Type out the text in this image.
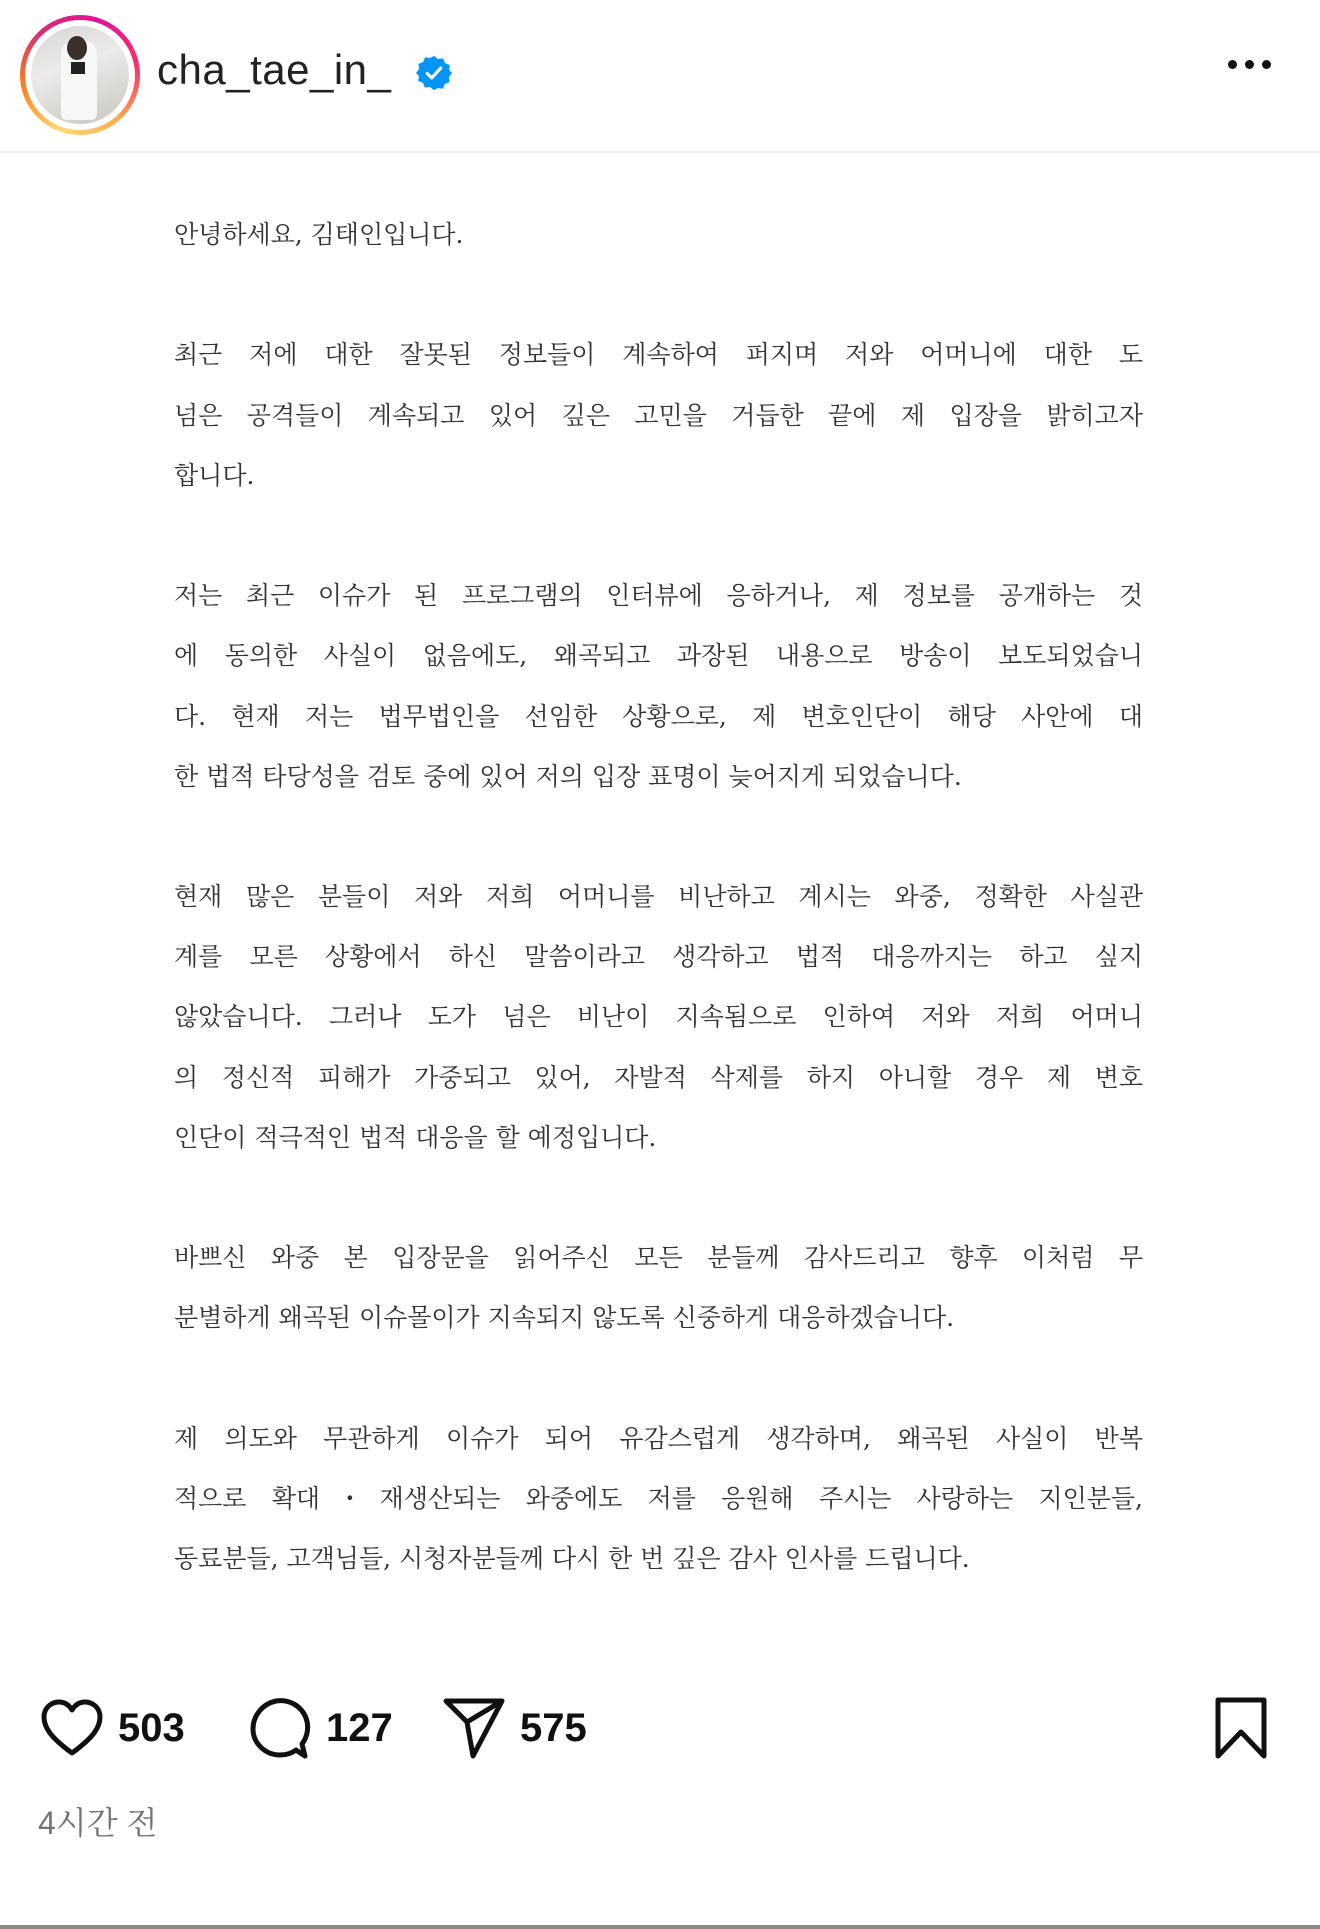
cha_tae_in_
안녕하세요, 김태인입니다.
최근 저에 대한 잘못된 정보들이 계속하여 퍼지며 저와 어머니에 대한 도
넘은 공격들이 계속되고 있어 깊은 고민을 거듭한 끝에 제 입장을 밝히고자
합니다.
저는 최근 이슈가 된 프로그램의 인터뷰에 응하거나, 제 정보를 공개하는 것
에 동의한 사실이 없음에도, 왜곡되고 과장된 내용으로 방송이 보도되었습니
다. 현재 저는 법무법인을 선임한 상황으로, 제 변호인단이 해당 사안에 대
한 법적 타당성을 검토 중에 있어 저의 입장 표명이 늦어지게 되었습니다.
현재 많은 분들이 저와 저희 어머니를 비난하고 계시는 와중, 정확한 사실관
계를 모른 상황에서 하신 말씀이라고 생각하고 법적 대응까지는 하고 싶지
않았습니다. 그러나 도가 넘은 비난이 지속됨으로 인하여 저와 저희 어머니
의 정신적 피해가 가중되고 있어, 자발적 삭제를 하지 아니할 경우 제 변호
인단이 적극적인 법적 대응을 할 예정입니다.
바쁘신 와중 본 입장문을 읽어주신 모든 분들께 감사드리고 향후 이처럼 무
분별하게 왜곡된 이슈몰이가 지속되지 않도록 신중하게 대응하겠습니다.
제 의도와 무관하게 이슈가 되어 유감스럽게 생각하며, 왜곡된 사실이 반복
적으로 확대・재생산되는 와중에도 저를 응원해 주시는 사랑하는 지인분들,
동료분들, 고객님들, 시청자분들께 다시 한 번 깊은 감사 인사를 드립니다.
503	127	575
4시간 전
